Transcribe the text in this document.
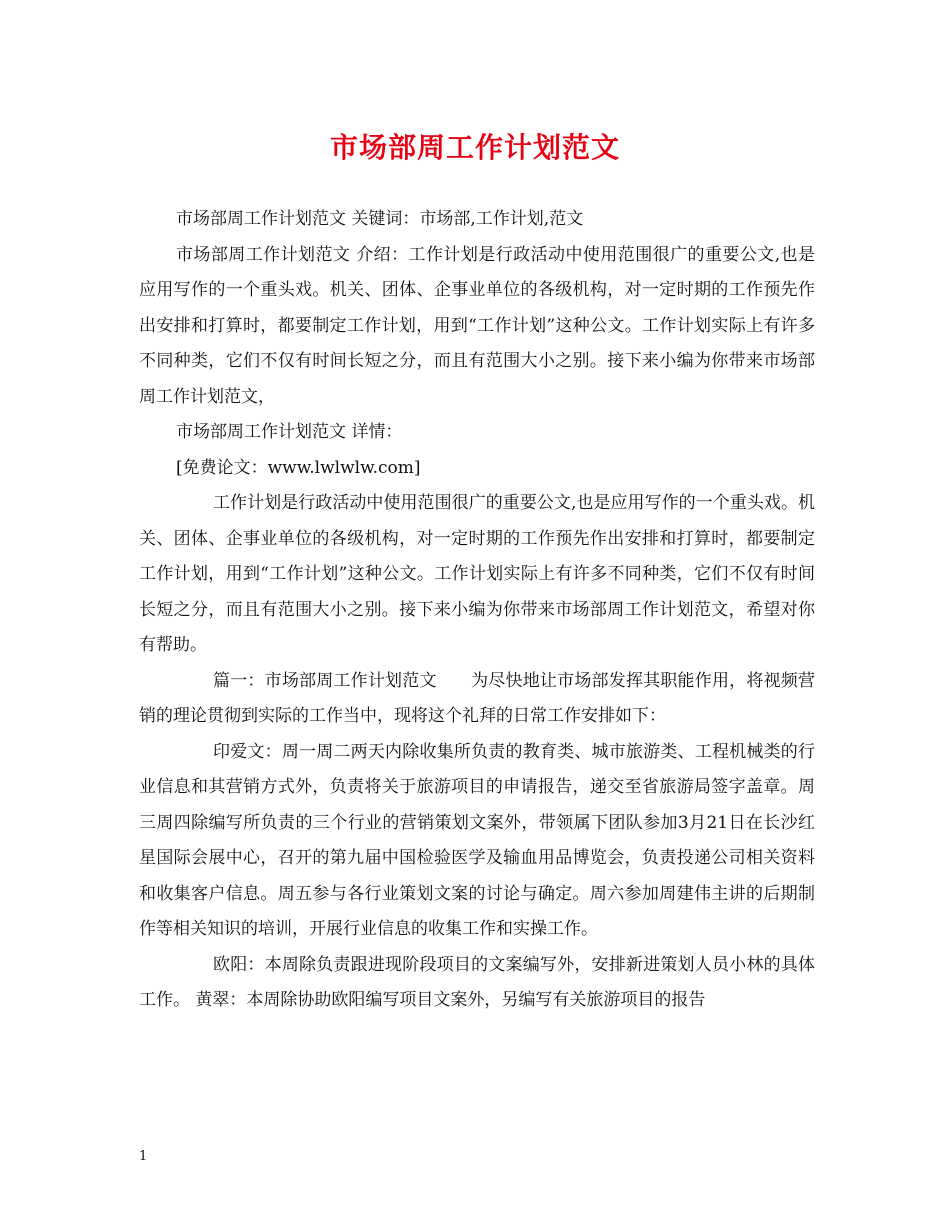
市场部周工作计划范文

市场部周工作计划范文 关键词：市场部,工作计划,范文

市场部周工作计划范文 介绍：工作计划是行政活动中使用范围很广的重要公文,也是应用写作的一个重头戏。机关、团体、企事业单位的各级机构，对一定时期的工作预先作出安排和打算时，都要制定工作计划，用到“工作计划”这种公文。工作计划实际上有许多不同种类，它们不仅有时间长短之分，而且有范围大小之别。接下来小编为你带来市场部周工作计划范文，

市场部周工作计划范文 详情：

[免费论文：www.lwlwlw.com]

工作计划是行政活动中使用范围很广的重要公文,也是应用写作的一个重头戏。机关、团体、企事业单位的各级机构，对一定时期的工作预先作出安排和打算时，都要制定工作计划，用到“工作计划”这种公文。工作计划实际上有许多不同种类，它们不仅有时间长短之分，而且有范围大小之别。接下来小编为你带来市场部周工作计划范文，希望对你有帮助。

篇一：市场部周工作计划范文　　为尽快地让市场部发挥其职能作用，将视频营销的理论贯彻到实际的工作当中，现将这个礼拜的日常工作安排如下：

印爱文：周一周二两天内除收集所负责的教育类、城市旅游类、工程机械类的行业信息和其营销方式外，负责将关于旅游项目的申请报告，递交至省旅游局签字盖章。周三周四除编写所负责的三个行业的营销策划文案外，带领属下团队参加3月21日在长沙红星国际会展中心，召开的第九届中国检验医学及输血用品博览会，负责投递公司相关资料和收集客户信息。周五参与各行业策划文案的讨论与确定。周六参加周建伟主讲的后期制作等相关知识的培训，开展行业信息的收集工作和实操工作。

欧阳：本周除负责跟进现阶段项目的文案编写外，安排新进策划人员小林的具体工作。 黄翠：本周除协助欧阳编写项目文案外，另编写有关旅游项目的报告

1
